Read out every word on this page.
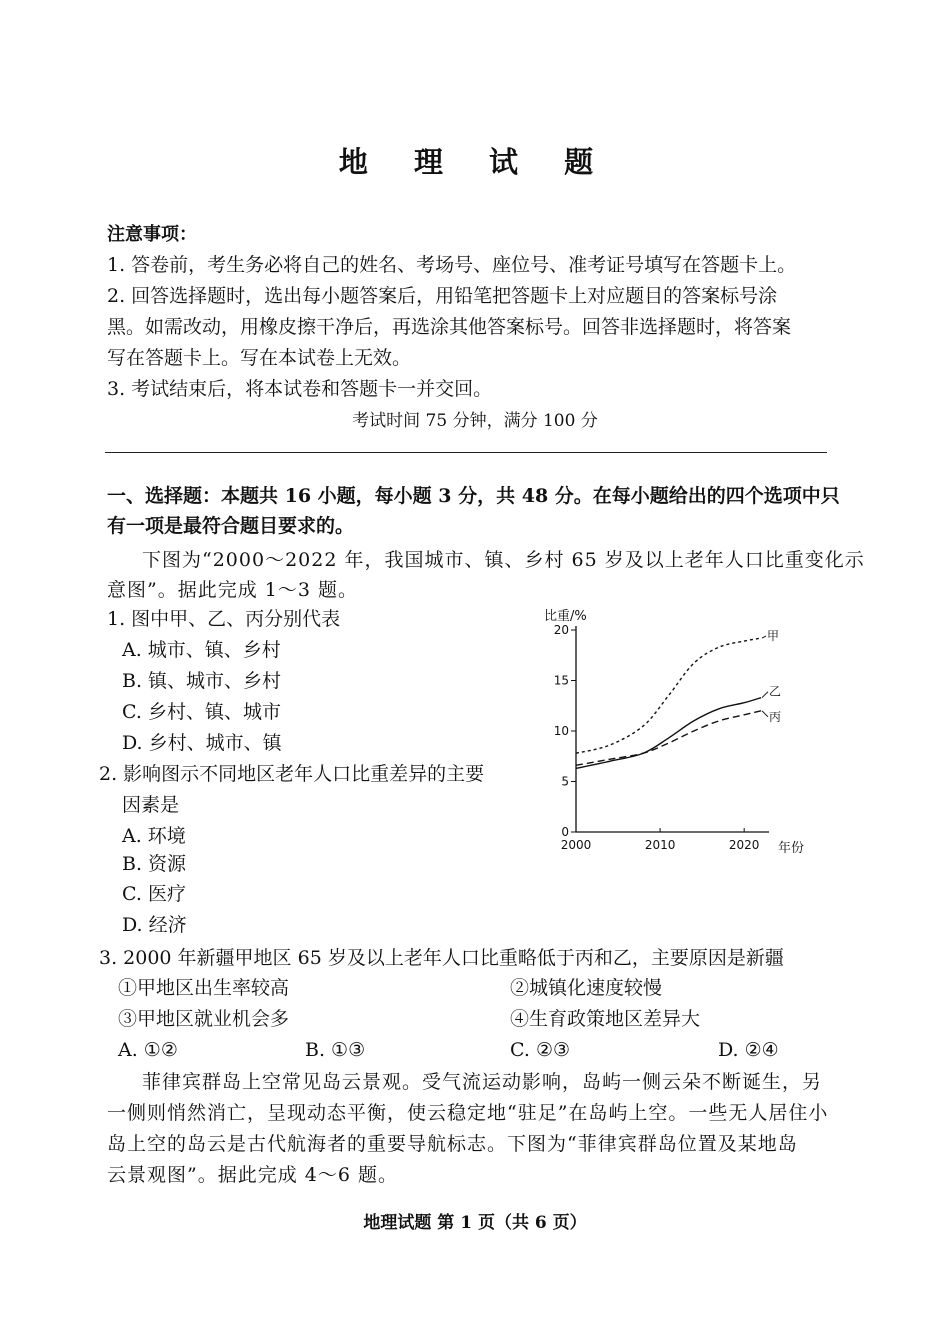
地 理 试 题
注意事项：
1. 答卷前，考生务必将自己的姓名、考场号、座位号、准考证号填写在答题卡上。
2. 回答选择题时，选出每小题答案后，用铅笔把答题卡上对应题目的答案标号涂
黑。如需改动，用橡皮擦干净后，再选涂其他答案标号。回答非选择题时，将答案
写在答题卡上。写在本试卷上无效。
3. 考试结束后，将本试卷和答题卡一并交回。
考试时间 75 分钟，满分 100 分
一、选择题：本题共 16 小题，每小题 3 分，共 48 分。在每小题给出的四个选项中只
有一项是最符合题目要求的。
下图为“2000～2022 年，我国城市、镇、乡村 65 岁及以上老年人口比重变化示
意图”。据此完成 1～3 题。
1. 图中甲、乙、丙分别代表
A. 城市、镇、乡村
B. 镇、城市、乡村
C. 乡村、镇、城市
D. 乡村、城市、镇
2. 影响图示不同地区老年人口比重差异的主要
因素是
A. 环境
B. 资源
C. 医疗
D. 经济
3. 2000 年新疆甲地区 65 岁及以上老年人口比重略低于丙和乙，主要原因是新疆
①甲地区出生率较高	②城镇化速度较慢
③甲地区就业机会多	④生育政策地区差异大
A. ①②	B. ①③	C. ②③	D. ②④
菲律宾群岛上空常见岛云景观。受气流运动影响，岛屿一侧云朵不断诞生，另
一侧则悄然消亡，呈现动态平衡，使云稳定地“驻足”在岛屿上空。一些无人居住小
岛上空的岛云是古代航海者的重要导航标志。下图为“菲律宾群岛位置及某地岛
云景观图”。据此完成 4～6 题。
地理试题 第 1 页（共 6 页）
比重/%
年份
0
5
10
15
20
2000	2010	2020
甲
乙
丙
